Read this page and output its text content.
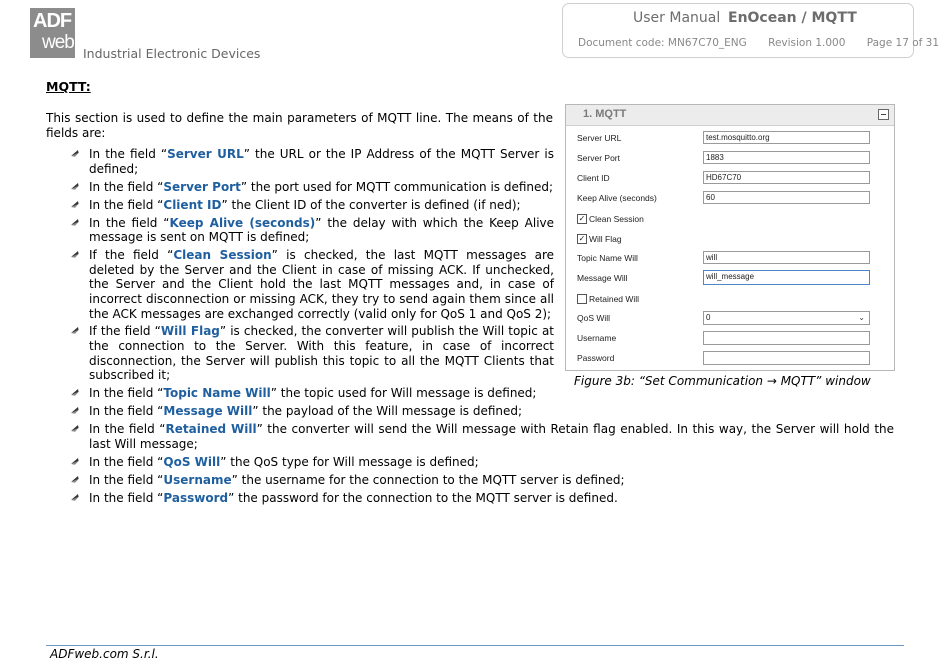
ADF
web
Industrial Electronic Devices
User Manual EnOcean / MQTT
Document code: MN67C70_ENG Revision 1.000 Page 17 of 31
MQTT:
This section is used to define the main parameters of MQTT line. The means of the fields are:
In the field “Server URL” the URL or the IP Address of the MQTT Server is defined;
In the field “Server Port” the port used for MQTT communication is defined;
In the field “Client ID” the Client ID of the converter is defined (if ned);
In the field “Keep Alive (seconds)” the delay with which the Keep Alive message is sent on MQTT is defined;
If the field “Clean Session” is checked, the last MQTT messages are deleted by the Server and the Client in case of missing ACK. If unchecked, the Server and the Client hold the last MQTT messages and, in case of incorrect disconnection or missing ACK, they try to send again them since all the ACK messages are exchanged correctly (valid only for QoS 1 and QoS 2);
If the field “Will Flag” is checked, the converter will publish the Will topic at the connection to the Server. With this feature, in case of incorrect disconnection, the Server will publish this topic to all the MQTT Clients that subscribed it;
In the field “Topic Name Will” the topic used for Will message is defined;
In the field “Message Will” the payload of the Will message is defined;
In the field “Retained Will” the converter will send the Will message with Retain flag enabled. In this way, the Server will hold the last Will message;
In the field “QoS Will” the QoS type for Will message is defined;
In the field “Username” the username for the connection to the MQTT server is defined;
In the field “Password” the password for the connection to the MQTT server is defined.
1. MQTT
Server URL	test.mosquitto.org
Server Port	1883
Client ID	HD67C70
Keep Alive (seconds)	60
✓ Clean Session
✓ Will Flag
Topic Name Will	will
Message Will	will_message
Retained Will
QoS Will	0	⌄
Username
Password
Figure 3b: “Set Communication → MQTT” window
ADFweb.com S.r.l.
